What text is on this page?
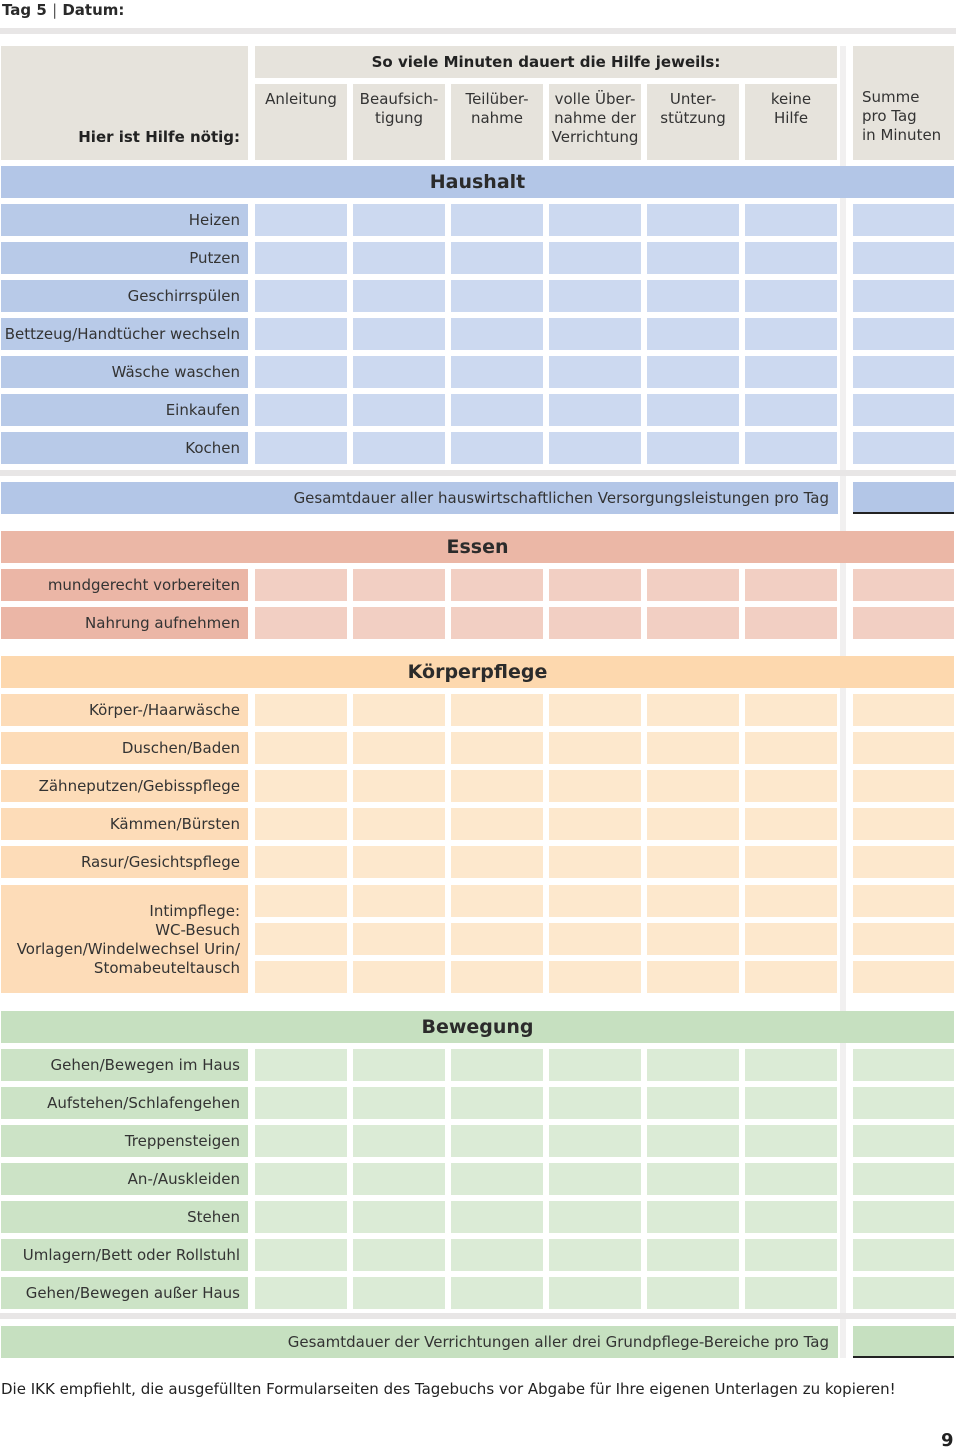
Tag 5 | Datum:
Hier ist Hilfe nötig:
So viele Minuten dauert die Hilfe jeweils:
Anleitung	Beaufsich-
tigung
Teilüber-
nahme
volle Über-
nahme der
Verrichtung
Unter-
stützung
keine
Hilfe
Summe
pro Tag
in Minuten
Heizen
Putzen
Geschirrspülen
Bettzeug/Handtücher wechseln
Wäsche waschen
Einkaufen
Kochen
mundgerecht vorbereiten
Nahrung aufnehmen
Körper-/Haarwäsche
Duschen/Baden
Zähneputzen/Gebisspflege
Kämmen/Bürsten
Rasur/Gesichtspflege
Gehen/Bewegen im Haus
Aufstehen/Schlafengehen
Treppensteigen
An-/Auskleiden
Stehen
Umlagern/Bett oder Rollstuhl
Gehen/Bewegen außer Haus
Haushalt
Essen
Körperpflege
Bewegung
Gesamtdauer aller hauswirtschaftlichen Versorgungsleistungen pro Tag
Gesamtdauer der Verrichtungen aller drei Grundpflege-Bereiche pro Tag
Intimpflege:
WC-Besuch
Vorlagen/Windelwechsel Urin/
Stomabeuteltausch
Die IKK empfiehlt, die ausgefüllten Formularseiten des Tagebuchs vor Abgabe für Ihre eigenen Unterlagen zu kopieren!
9
